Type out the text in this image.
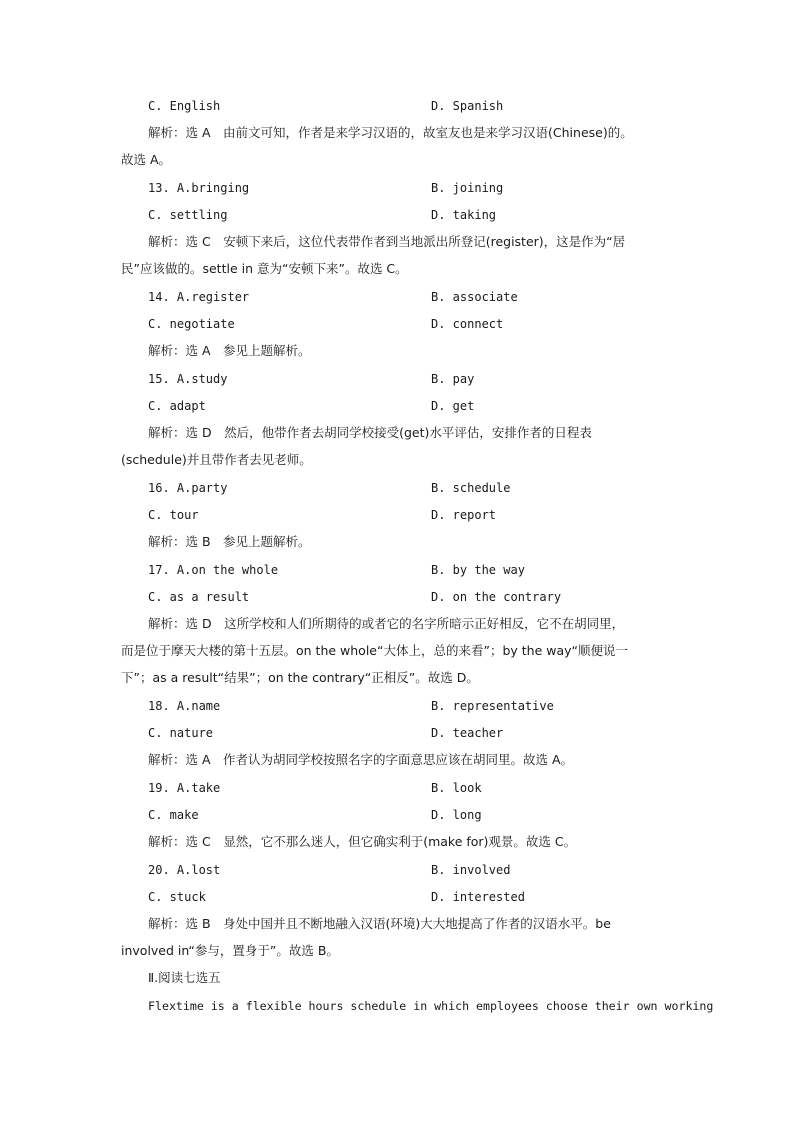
C. English	D. Spanish
解析：选 A　由前文可知，作者是来学习汉语的，故室友也是来学习汉语(Chinese)的。
故选 A。
13. A.bringing	B. joining
C. settling	D. taking
解析：选 C　安顿下来后，这位代表带作者到当地派出所登记(register)，这是作为“居
民”应该做的。settle in 意为“安顿下来”。故选 C。
14. A.register	B. associate
C. negotiate	D. connect
解析：选 A　参见上题解析。
15. A.study	B. pay
C. adapt	D. get
解析：选 D　然后，他带作者去胡同学校接受(get)水平评估，安排作者的日程表
(schedule)并且带作者去见老师。
16. A.party	B. schedule
C. tour	D. report
解析：选 B　参见上题解析。
17. A.on the whole	B. by the way
C. as a result	D. on the contrary
解析：选 D　这所学校和人们所期待的或者它的名字所暗示正好相反，它不在胡同里，
而是位于摩天大楼的第十五层。on the whole“大体上，总的来看”；by the way“顺便说一
下”；as a result“结果”；on the contrary“正相反”。故选 D。
18. A.name	B. representative
C. nature	D. teacher
解析：选 A　作者认为胡同学校按照名字的字面意思应该在胡同里。故选 A。
19. A.take	B. look
C. make	D. long
解析：选 C　显然，它不那么迷人，但它确实利于(make for)观景。故选 C。
20. A.lost	B. involved
C. stuck	D. interested
解析：选 B　身处中国并且不断地融入汉语(环境)大大地提高了作者的汉语水平。be
involved in“参与，置身于”。故选 B。
Ⅱ.阅读七选五
Flextime is a flexible hours schedule in which employees choose their own working
